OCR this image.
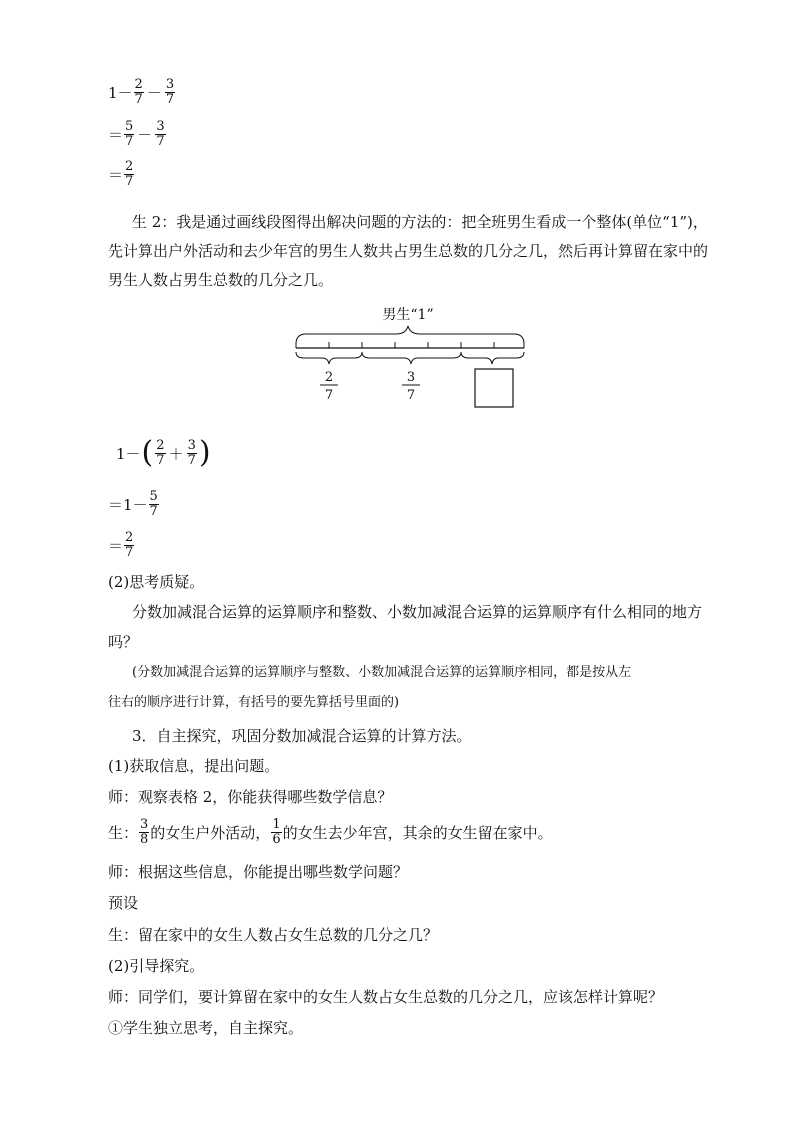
$1- \frac{2}{7} - \frac{3}{7}$
＝ $\frac{5}{7} - \frac{3}{7}$
＝ $\frac{2}{7}$
生 2：我是通过画线段图得出解决问题的方法的：把全班男生看成一个整体(单位“1”)，
先计算出户外活动和去少年宫的男生人数共占男生总数的几分之几，然后再计算留在家中的
男生人数占男生总数的几分之几。
男生“1”
2
7
3
7
1－ ( $\frac{2}{7} + \frac{3}{7}$ )
$=1- \frac{5}{7}$
＝ $\frac{2}{7}$
(2)思考质疑。
分数加减混合运算的运算顺序和整数、小数加减混合运算的运算顺序有什么相同的地方
吗？
(分数加减混合运算的运算顺序与整数、小数加减混合运算的运算顺序相同，都是按从左
往右的顺序进行计算，有括号的要先算括号里面的)
3．自主探究，巩固分数加减混合运算的计算方法。
(1)获取信息，提出问题。
师：观察表格 2，你能获得哪些数学信息？
生： $\frac{3}{8}$ 的女生户外活动， $\frac{1}{6}$ 的女生去少年宫，其余的女生留在家中。
师：根据这些信息，你能提出哪些数学问题？
预设
生：留在家中的女生人数占女生总数的几分之几？
(2)引导探究。
师：同学们，要计算留在家中的女生人数占女生总数的几分之几，应该怎样计算呢？
①学生独立思考，自主探究。
